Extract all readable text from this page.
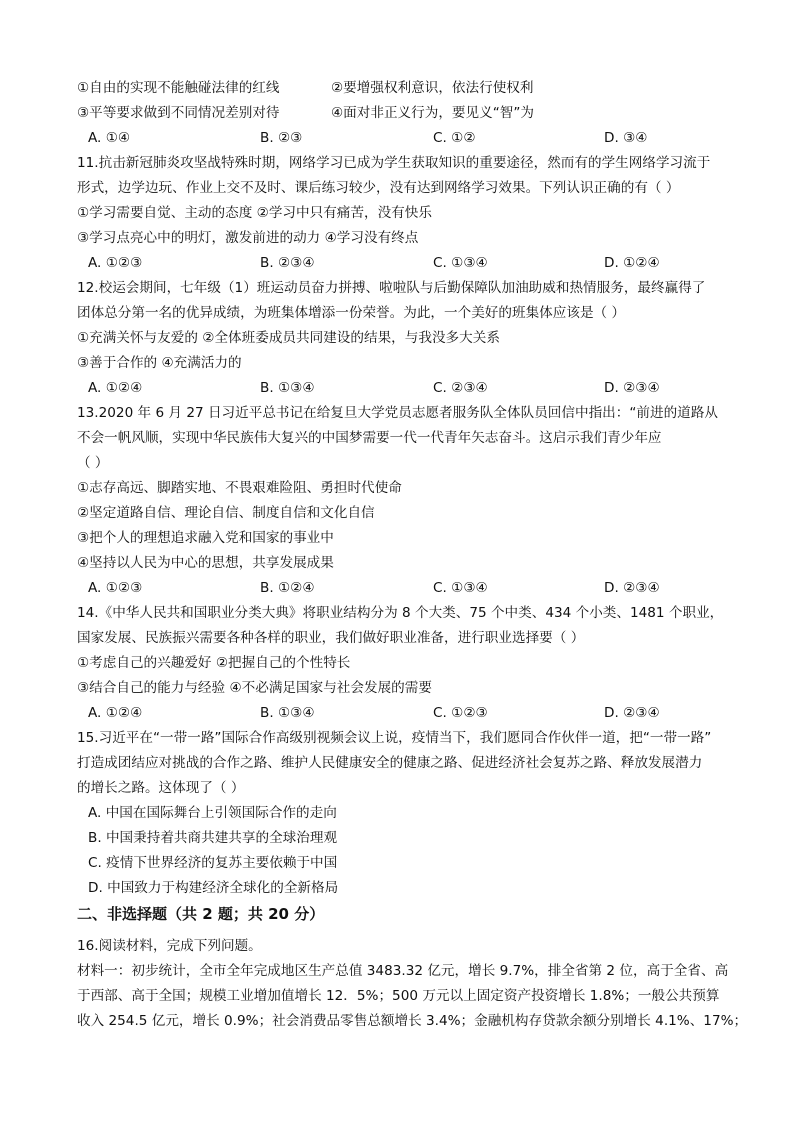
①自由的实现不能触碰法律的红线	②要增强权利意识，依法行使权利
③平等要求做到不同情况差别对待	④面对非正义行为，要见义“智”为
A. ①④	B. ②③	C. ①②	D. ③④
11.抗击新冠肺炎攻坚战特殊时期，网络学习已成为学生获取知识的重要途径，然而有的学生网络学习流于
形式，边学边玩、作业上交不及时、课后练习较少，没有达到网络学习效果。下列认识正确的有（ ）
①学习需要自觉、主动的态度 ②学习中只有痛苦，没有快乐
③学习点亮心中的明灯，激发前进的动力 ④学习没有终点
A. ①②③	B. ②③④	C. ①③④	D. ①②④
12.校运会期间，七年级（1）班运动员奋力拼搏、啦啦队与后勤保障队加油助威和热情服务，最终赢得了
团体总分第一名的优异成绩，为班集体增添一份荣誉。为此，一个美好的班集体应该是（ ）
①充满关怀与友爱的 ②全体班委成员共同建设的结果，与我没多大关系
③善于合作的 ④充满活力的
A. ①②④	B. ①③④	C. ②③④	D. ②③④
13.2020 年 6 月 27 日习近平总书记在给复旦大学党员志愿者服务队全体队员回信中指出：“前进的道路从
不会一帆风顺，实现中华民族伟大复兴的中国梦需要一代一代青年矢志奋斗。这启示我们青少年应
（ ）
①志存高远、脚踏实地、不畏艰难险阻、勇担时代使命
②坚定道路自信、理论自信、制度自信和文化自信
③把个人的理想追求融入党和国家的事业中
④坚持以人民为中心的思想，共享发展成果
A. ①②③	B. ①②④	C. ①③④	D. ②③④
14.《中华人民共和国职业分类大典》将职业结构分为 8 个大类、75 个中类、434 个小类、1481 个职业，
国家发展、民族振兴需要各种各样的职业，我们做好职业准备，进行职业选择要（ ）
①考虑自己的兴趣爱好 ②把握自己的个性特长
③结合自己的能力与经验 ④不必满足国家与社会发展的需要
A. ①②④	B. ①③④	C. ①②③	D. ②③④
15.习近平在“一带一路”国际合作高级别视频会议上说，疫情当下，我们愿同合作伙伴一道，把“一带一路”
打造成团结应对挑战的合作之路、维护人民健康安全的健康之路、促进经济社会复苏之路、释放发展潜力
的增长之路。这体现了（ ）
A. 中国在国际舞台上引领国际合作的走向
B. 中国秉持着共商共建共享的全球治理观
C. 疫情下世界经济的复苏主要依赖于中国
D. 中国致力于构建经济全球化的全新格局
二、非选择题（共 2 题；共 20 分）
16.阅读材料，完成下列问题。
材料一：初步统计，全市全年完成地区生产总值 3483.32 亿元，增长 9.7%，排全省第 2 位，高于全省、高
于西部、高于全国；规模工业增加值增长 12．5%；500 万元以上固定资产投资增长 1.8%；一般公共预算
收入 254.5 亿元，增长 0.9%；社会消费品零售总额增长 3.4%；金融机构存贷款余额分别增长 4.1%、17%；
